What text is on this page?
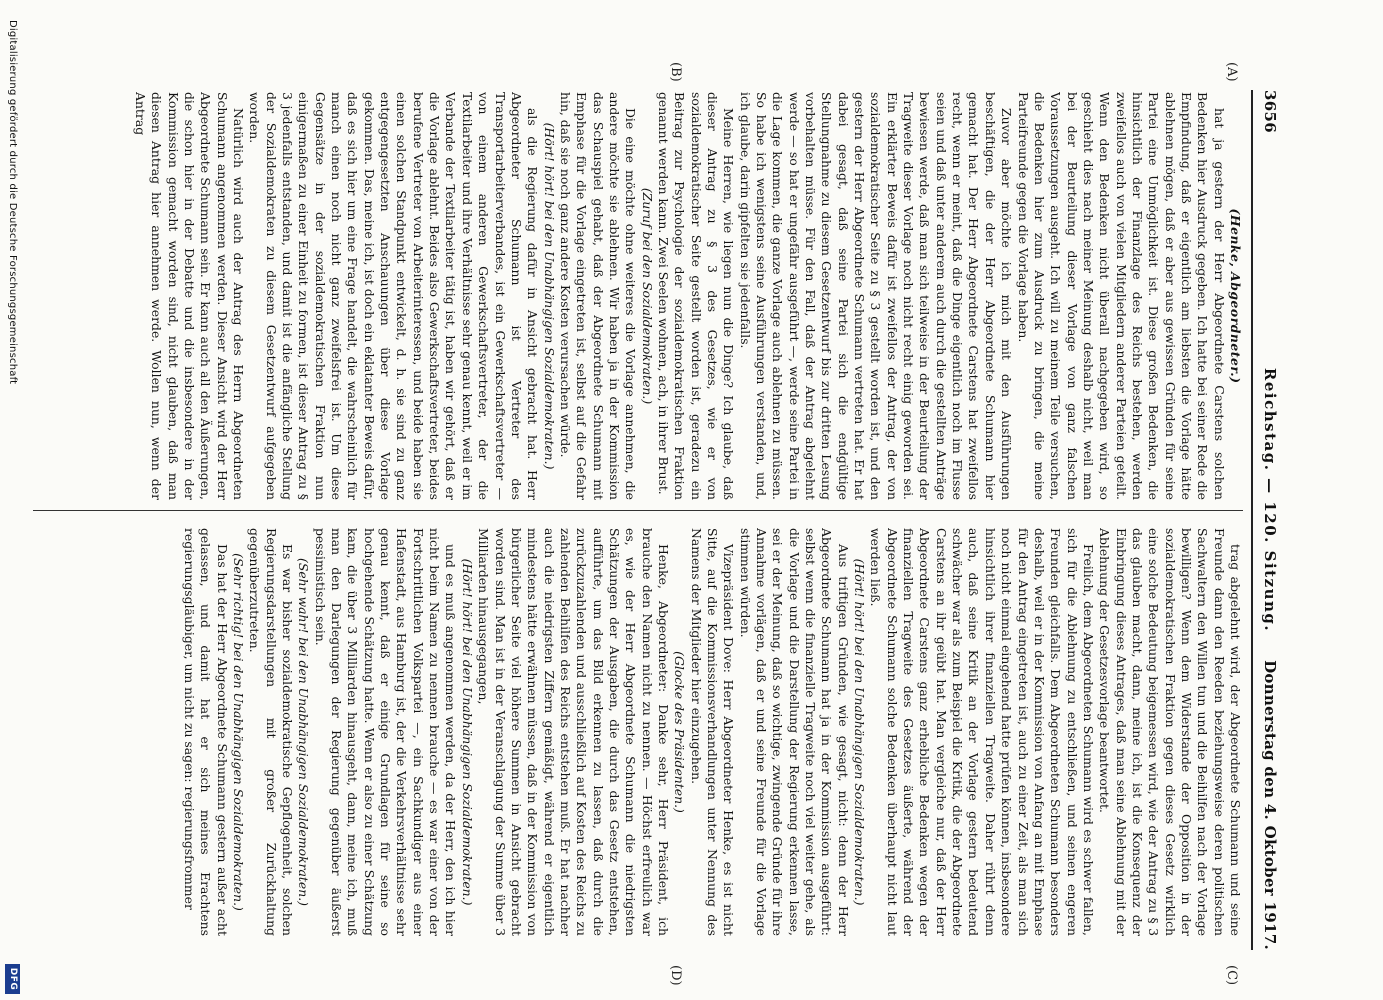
3656
Reichstag. — 120. Sitzung.
Donnerstag den 4. Oktober 1917.
(A)
(B)
(C)
(D)

(Henke, Abgeordneter.)

hat ja gestern der Herr Abgeordnete Carstens solchen Bedenken hier Ausdruck gegeben. Ich hatte bei seiner Rede die Empfindung, daß er eigentlich am liebsten die Vorlage hätte ablehnen mögen, daß er aber aus gewissen Gründen für seine Partei eine Unmöglichkeit ist. Diese großen Bedenken, die hinsichtlich der Finanzlage des Reichs bestehen, werden zweifellos auch von vielen Mitgliedern anderer Parteien geteilt. Wenn den Bedenken nicht überall nachgegeben wird, so geschieht dies nach meiner Meinung deshalb nicht, weil man bei der Beurteilung dieser Vorlage von ganz falschen Voraussetzungen ausgeht. Ich will zu meinem Teile versuchen, die Bedenken hier zum Ausdruck zu bringen, die meine Parteifreunde gegen die Vorlage haben.

Zuvor aber möchte ich mich mit den Ausführungen beschäftigen, die der Herr Abgeordnete Schumann hier gemacht hat. Der Herr Abgeordnete Carstens hat zweifellos recht, wenn er meint, daß die Dinge eigentlich noch im Flusse seien und daß unter anderem auch durch die gestellten Anträge bewiesen werde, daß man sich teilweise in der Beurteilung der Tragweite dieser Vorlage noch nicht recht einig geworden sei. Ein erklärter Beweis dafür ist zweifellos der Antrag, der von sozialdemokratischer Seite zu § 3 gestellt worden ist, und den gestern der Herr Abgeordnete Schumann vertreten hat. Er hat dabei gesagt, daß seine Partei sich die endgültige Stellungnahme zu diesem Gesetzentwurf bis zur dritten Lesung vorbehalten müsse. Für den Fall, daß der Antrag abgelehnt werde — so hat er ungefähr ausgeführt —, werde seine Partei in die Lage kommen, die ganze Vorlage auch ablehnen zu müssen. So habe ich wenigstens seine Ausführungen verstanden, und, ich glaube, darin gipfelten sie jedenfalls.

Meine Herren, wie liegen nun die Dinge? Ich glaube, daß dieser Antrag zu § 3 des Gesetzes, wie er von sozialdemokratischer Seite gestellt worden ist, geradezu ein Beitrag zur Psychologie der sozialdemokratischen Fraktion genannt werden kann. Zwei Seelen wohnen, ach, in ihrer Brust.

(Zuruf bei den Sozialdemokraten.)

Die eine möchte ohne weiteres die Vorlage annehmen, die andere möchte sie ablehnen. Wir haben ja in der Kommission das Schauspiel gehabt, daß der Abgeordnete Schumann mit Emphase für die Vorlage eingetreten ist, selbst auf die Gefahr hin, daß sie noch ganz andere Kosten verursachen würde.

(Hört! hört! bei den Unabhängigen Sozialdemokraten.)

als die Regierung dafür in Ansicht gebracht hat. Herr Abgeordneter Schumann ist Vertreter des Transportarbeiterverbandes, ist ein Gewerkschaftsvertreter — von einem anderen Gewerkschaftsvertreter, der die Textilarbeiter und ihre Verhältnisse sehr genau kennt, weil er im Verbande der Textilarbeiter tätig ist, haben wir gehört, daß er die Vorlage ablehnt. Beides also Gewerkschaftsvertreter, beides berufene Vertreter von Arbeiterinteressen, und beide haben sie einen solchen Standpunkt entwickelt, d. h. sie sind zu ganz entgegengesetzten Anschauungen über diese Vorlage gekommen. Das, meine ich, ist doch ein eklatanter Beweis dafür, daß es sich hier um eine Frage handelt, die wahrscheinlich für manch einen noch nicht ganz zweifelsfrei ist. Um diese Gegensätze in der sozialdemokratischen Fraktion nun einigermaßen zu einer Einheit zu formen, ist dieser Antrag zu § 3 jedenfalls entstanden, und damit ist die anfängliche Stellung der Sozialdemokraten zu diesem Gesetzentwurf aufgegeben worden.

Natürlich wird auch der Antrag des Herrn Abgeordneten Schumann angenommen werden. Dieser Ansicht wird der Herr Abgeordnete Schumann sein. Er kann auch all den Äußerungen, die schon hier in der Debatte und die insbesondere in der Kommission gemacht worden sind, nicht glauben, daß man diesen Antrag hier annehmen werde. Wollen nun, wenn der Antrag

trag abgelehnt wird, der Abgeordnete Schumann und seine Freunde dann den Reeden beziehungsweise deren politischen Sachwaltern den Willen tun und die Beihilfen nach der Vorlage bewilligen? Wenn dem Widerstande der Opposition in der sozialdemokratischen Fraktion gegen dieses Gesetz wirklich eine solche Bedeutung beigemessen wird, wie der Antrag zu § 3 das glauben macht, dann, meine ich, ist die Konsequenz der Einbringung dieses Antrages, daß man seine Ablehnung mit der Ablehnung der Gesetzesvorlage beantwortet.

Freilich, dem Abgeordneten Schumann wird es schwer fallen, sich für die Ablehnung zu entschließen, und seinen engeren Freunden gleichfalls. Dem Abgeordneten Schumann besonders deshalb, weil er in der Kommission von Anfang an mit Emphase für den Antrag eingetreten ist, auch zu einer Zeit, als man sich noch nicht einmal eingehend hatte prüfen können, insbesondere hinsichtlich ihrer finanziellen Tragweite. Daher rührt denn auch, daß seine Kritik an der Vorlage gestern bedeutend schwächer war als zum Beispiel die Kritik, die der Abgeordnete Carstens an ihr geübt hat. Man vergleiche nur, daß der Herr Abgeordnete Carstens ganz erhebliche Bedenken wegen der finanziellen Tragweite des Gesetzes äußerte, während der Abgeordnete Schumann solche Bedenken überhaupt nicht laut werden ließ.

(Hört! hört! bei den Unabhängigen Sozialdemokraten.)

Aus triftigen Gründen, wie gesagt, nicht: denn der Herr Abgeordnete Schumann hat ja in der Kommission ausgeführt: selbst wenn die finanzielle Tragweite noch viel weiter gehe, als die Vorlage und die Darstellung der Regierung erkennen lasse, sei er der Meinung, daß so wichtige, zwingende Gründe für ihre Annahme vorlägen, daß er und seine Freunde für die Vorlage stimmen würden.

Vizepräsident Dove: Herr Abgeordneter Henke, es ist nicht Sitte, auf die Kommissionsverhandlungen unter Nennung des Namens der Mitglieder hier einzugehen.

(Glocke des Präsidenten.)

Henke, Abgeordneter: Danke sehr, Herr Präsident, ich brauche den Namen nicht zu nennen. — Höchst erfreulich war es, wie der Herr Abgeordnete Schumann die niedrigsten Schätzungen der Ausgaben, die durch das Gesetz entstehen, aufführte, um das Bild erkennen zu lassen, daß durch die zurückzuzahlenden und ausschließlich auf Kosten des Reichs zu zahlenden Beihilfen des Reichs entstehen muß. Er hat nachher auch die niedrigsten Ziffern gemäßigt, während er eigentlich mindestens hätte erwähnen müssen, daß in der Kommission von bürgerlicher Seite viel höhere Summen in Ansicht gebracht worden sind. Man ist in der Veranschlagung der Summe über 3 Milliarden hinausgegangen,

(Hört! hört! bei den Unabhängigen Sozialdemokraten.)

und es muß angenommen werden, da der Herr, den ich hier nicht beim Namen zu nennen brauche — es war einer von der Fortschrittlichen Volkspartei —, ein Sachkundiger aus einer Hafenstadt, aus Hamburg ist, der die Verkehrsverhältnisse sehr genau kennt, daß er einige Grundlagen für seine so hochgehende Schätzung hatte. Wenn er also zu einer Schätzung kam, die über 3 Milliarden hinausgeht, dann, meine ich, muß man den Darlegungen der Regierung gegenüber äußerst pessimistisch sein.

(Sehr wahr! bei den Unabhängigen Sozialdemokraten.)

Es war bisher sozialdemokratische Gepflogenheit, solchen Regierungsdarstellungen mit großer Zurückhaltung gegenüberzutreten.

(Sehr richtig! bei den Unabhängigen Sozialdemokraten.)

Das hat der Herr Abgeordnete Schumann gestern außer acht gelassen, und damit hat er sich meines Erachtens regierungsgläubiger, um nicht zu sagen: regierungsfrommer

Digitalisierung gefördert durch die Deutsche Forschungsgemeinschaft
DFG
